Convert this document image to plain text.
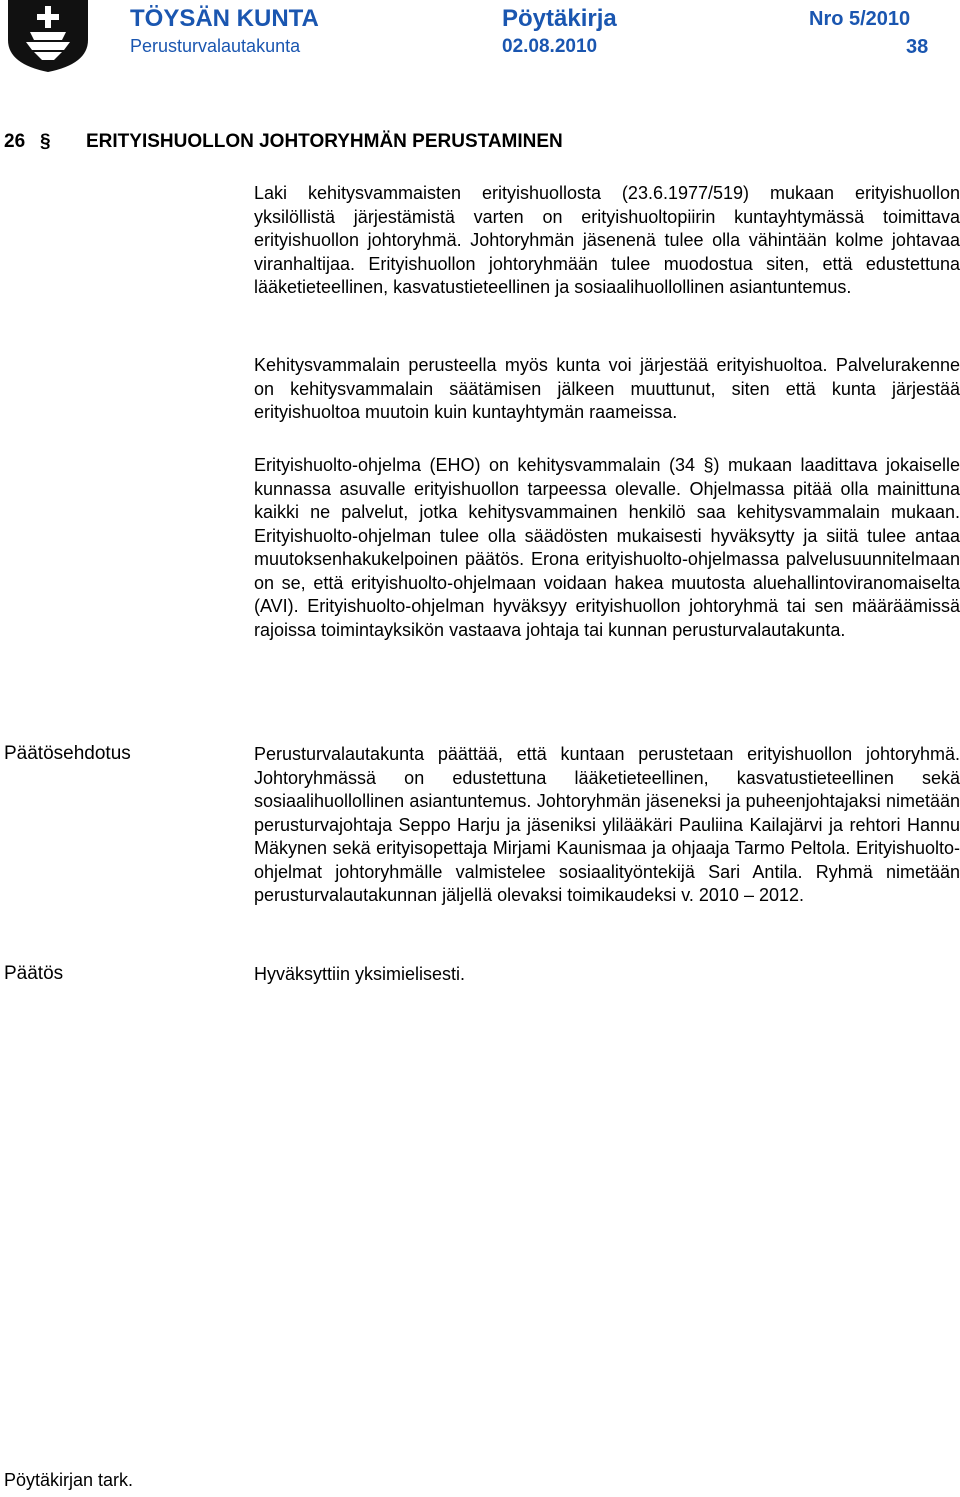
TÖYSÄN KUNTA	Pöytäkirja	Nro 5/2010
Perusturvalautakunta	02.08.2010	38
26 § ERITYISHUOLLON JOHTORYHMÄN PERUSTAMINEN

Laki kehitysvammaisten erityishuollosta (23.6.1977/519) mukaan erityishuollon yksilöllistä järjestämistä varten on erityishuoltopiirin kuntayhtymässä toimittava erityishuollon johtoryhmä. Johtoryhmän jäsenenä tulee olla vähintään kolme johtavaa viranhaltijaa. Erityishuollon johtoryhmään tulee muodostua siten, että edustettuna lääketieteellinen, kasvatustieteellinen ja sosiaalihuollollinen asiantuntemus.

Kehitysvammalain perusteella myös kunta voi järjestää erityishuoltoa. Palvelurakenne on kehitysvammalain säätämisen jälkeen muuttunut, siten että kunta järjestää erityishuoltoa muutoin kuin kuntayhtymän raameissa.

Erityishuolto-ohjelma (EHO) on kehitysvammalain (34 §) mukaan laadittava jokaiselle kunnassa asuvalle erityishuollon tarpeessa olevalle. Ohjelmassa pitää olla mainittuna kaikki ne palvelut, jotka kehitysvammainen henkilö saa kehitysvammalain mukaan. Erityishuolto-ohjelman tulee olla säädösten mukaisesti hyväksytty ja siitä tulee antaa muutoksenhakukelpoinen päätös. Erona erityishuolto-ohjelmassa palvelusuunnitelmaan on se, että erityishuolto-ohjelmaan voidaan hakea muutosta aluehallintoviranomaiselta (AVI). Erityishuolto-ohjelman hyväksyy erityishuollon johtoryhmä tai sen määräämissä rajoissa toimintayksikön vastaava johtaja tai kunnan perusturvalautakunta.

Päätösehdotus	Perusturvalautakunta päättää, että kuntaan perustetaan erityishuollon johtoryhmä. Johtoryhmässä on edustettuna lääketieteellinen, kasvatustieteellinen sekä sosiaalihuollollinen asiantuntemus. Johtoryhmän jäseneksi ja puheenjohtajaksi nimetään perusturvajohtaja Seppo Harju ja jäseniksi ylilääkäri Pauliina Kailajärvi ja rehtori Hannu Mäkynen sekä erityisopettaja Mirjami Kaunismaa ja ohjaaja Tarmo Peltola. Erityishuolto-ohjelmat johtoryhmälle valmistelee sosiaalityöntekijä Sari Antila. Ryhmä nimetään perusturvalautakunnan jäljellä olevaksi toimikaudeksi v. 2010 – 2012.

Päätös	Hyväksyttiin yksimielisesti.

Pöytäkirjan tark.
